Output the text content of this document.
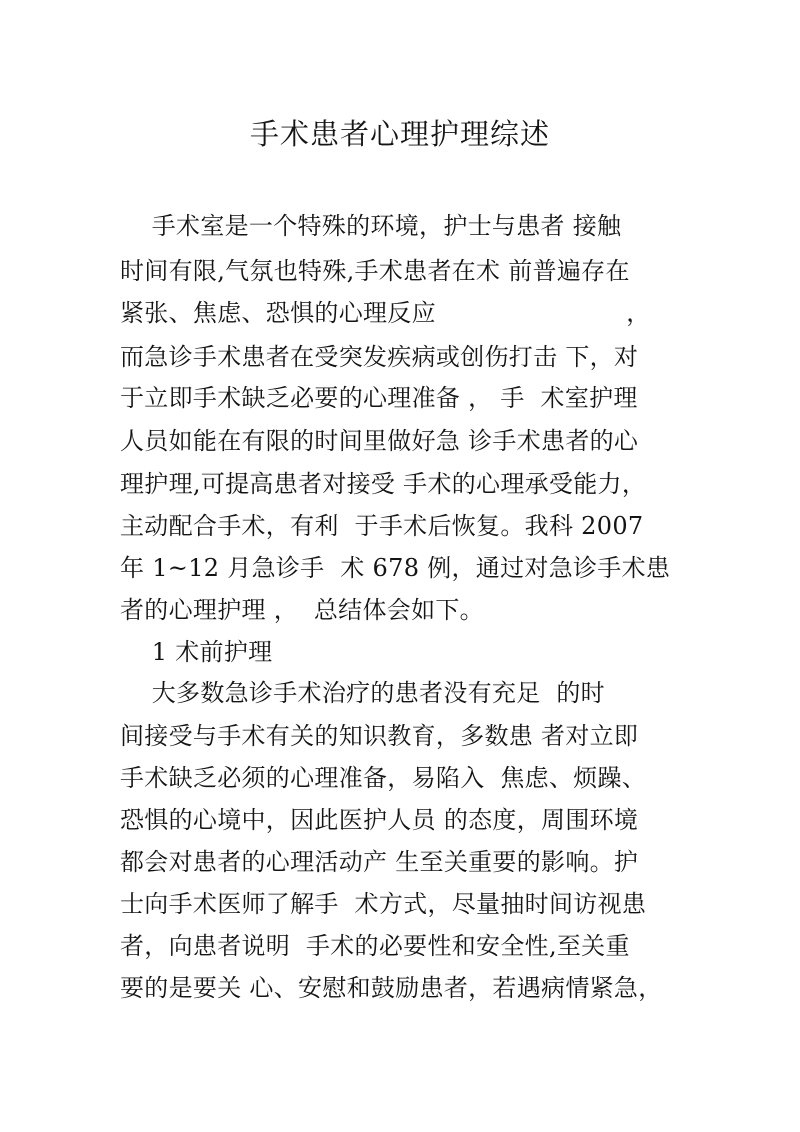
手术患者心理护理综述
手术室是一个特殊的环境，护士与患者 接触
时间有限,气氛也特殊,手术患者在术 前普遍存在
紧张、焦虑、恐惧的心理反应                        ，
而急诊手术患者在受突发疾病或创伤打击 下，对
于立即手术缺乏必要的心理准备 ， 手  术室护理
人员如能在有限的时间里做好急 诊手术患者的心
理护理,可提高患者对接受 手术的心理承受能力，
主动配合手术，有利  于手术后恢复。我科 2007
年 1~12 月急诊手  术 678 例，通过对急诊手术患
者的心理护理 ，  总结体会如下。
1 术前护理
大多数急诊手术治疗的患者没有充足  的时
间接受与手术有关的知识教育，多数患 者对立即
手术缺乏必须的心理准备，易陷入  焦虑、烦躁、
恐惧的心境中，因此医护人员 的态度，周围环境
都会对患者的心理活动产 生至关重要的影响。护
士向手术医师了解手  术方式，尽量抽时间访视患
者，向患者说明  手术的必要性和安全性,至关重
要的是要关 心、安慰和鼓励患者，若遇病情紧急，
